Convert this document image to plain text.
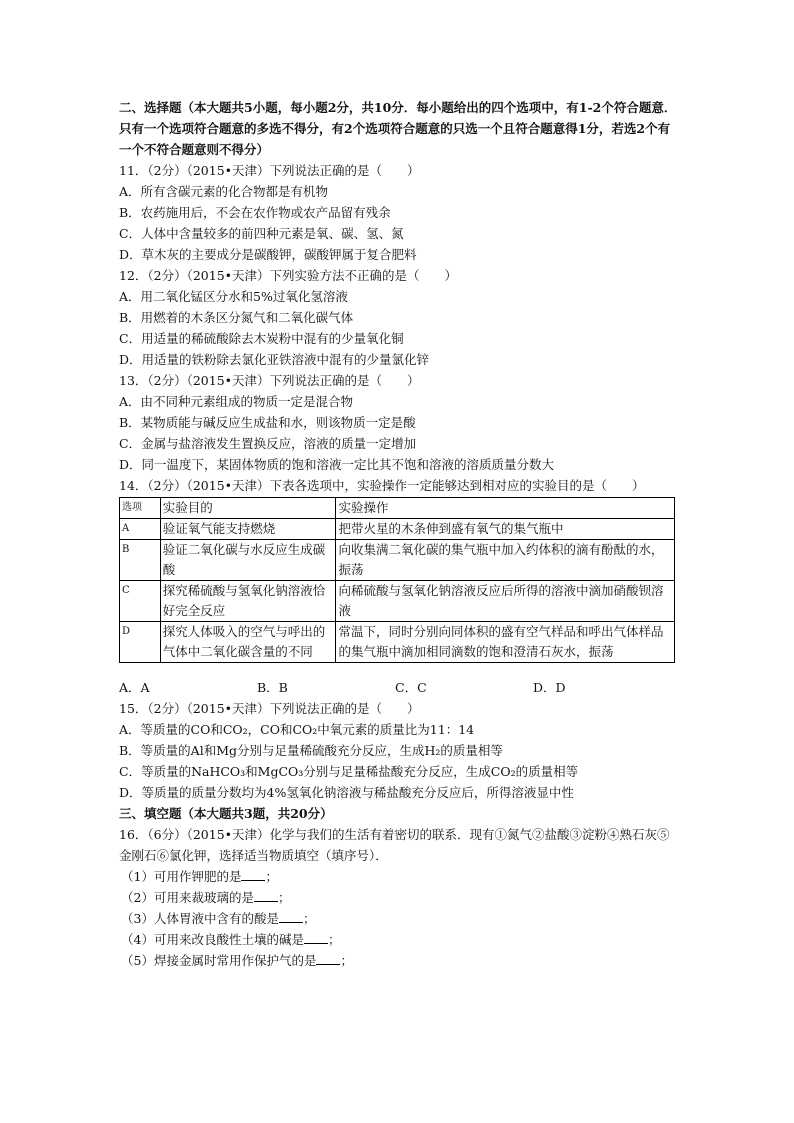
二、选择题（本大题共5小题，每小题2分，共10分．每小题给出的四个选项中，有1-2个符合题意．只有一个选项符合题意的多选不得分，有2个选项符合题意的只选一个且符合题意得1分，若选2个有一个不符合题意则不得分）
11．（2分）（2015•天津）下列说法正确的是（　　）
A．所有含碳元素的化合物都是有机物
B．农药施用后，不会在农作物或农产品留有残余
C．人体中含量较多的前四种元素是氧、碳、氢、氮
D．草木灰的主要成分是碳酸钾，碳酸钾属于复合肥料
12．（2分）（2015•天津）下列实验方法不正确的是（　　）
A．用二氧化锰区分水和5%过氧化氢溶液
B．用燃着的木条区分氮气和二氧化碳气体
C．用适量的稀硫酸除去木炭粉中混有的少量氧化铜
D．用适量的铁粉除去氯化亚铁溶液中混有的少量氯化锌
13．（2分）（2015•天津）下列说法正确的是（　　）
A．由不同种元素组成的物质一定是混合物
B．某物质能与碱反应生成盐和水，则该物质一定是酸
C．金属与盐溶液发生置换反应，溶液的质量一定增加
D．同一温度下，某固体物质的饱和溶液一定比其不饱和溶液的溶质质量分数大
14．（2分）（2015•天津）下表各选项中，实验操作一定能够达到相对应的实验目的是（　　）
选项	实验目的	实验操作
A	验证氧气能支持燃烧	把带火星的木条伸到盛有氧气的集气瓶中
B	验证二氧化碳与水反应生成碳酸	向收集满二氧化碳的集气瓶中加入约体积的滴有酚酞的水，振荡
C	探究稀硫酸与氢氧化钠溶液恰好完全反应	向稀硫酸与氢氧化钠溶液反应后所得的溶液中滴加硝酸钡溶液
D	探究人体吸入的空气与呼出的气体中二氧化碳含量的不同	常温下，同时分别向同体积的盛有空气样品和呼出气体样品的集气瓶中滴加相同滴数的饱和澄清石灰水，振荡
A．A	B．B	C．C	D．D
15．（2分）（2015•天津）下列说法正确的是（　　）
A．等质量的CO和CO₂，CO和CO₂中氧元素的质量比为11：14
B．等质量的Al和Mg分别与足量稀硫酸充分反应，生成H₂的质量相等
C．等质量的NaHCO₃和MgCO₃分别与足量稀盐酸充分反应，生成CO₂的质量相等
D．等质量的质量分数均为4%氢氧化钠溶液与稀盐酸充分反应后，所得溶液显中性
三、填空题（本大题共3题，共20分）
16．（6分）（2015•天津）化学与我们的生活有着密切的联系．现有①氮气②盐酸③淀粉④熟石灰⑤金刚石⑥氯化钾，选择适当物质填空（填序号）．
（1）可用作钾肥的是 ；
（2）可用来裁玻璃的是 ；
（3）人体胃液中含有的酸是 ；
（4）可用来改良酸性土壤的碱是 ；
（5）焊接金属时常用作保护气的是 ；
